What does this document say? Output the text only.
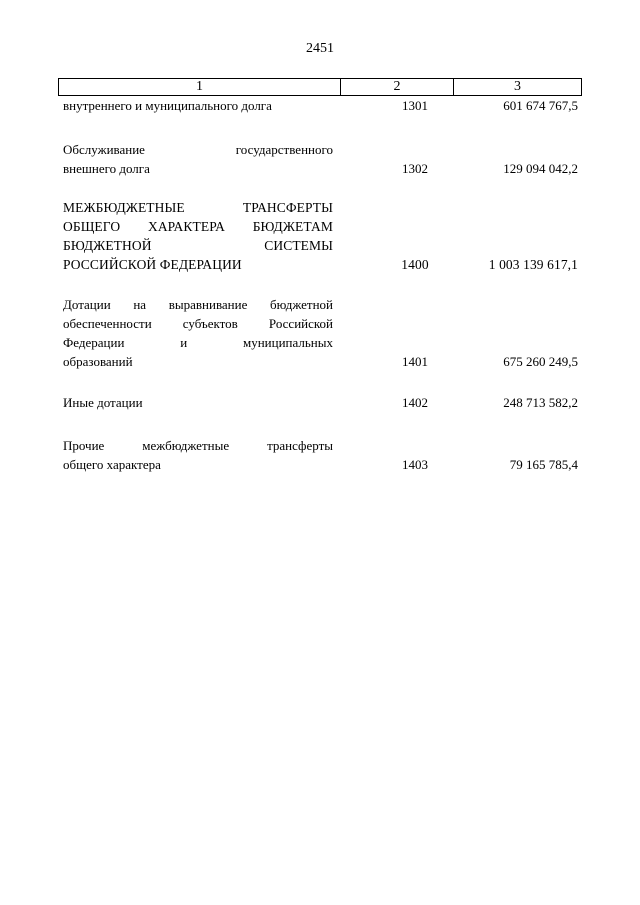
2451
1	2	3
внутреннего и муниципального долга	1301	601 674 767,5
Обслуживание государственного
внешнего долга	1302	129 094 042,2
МЕЖБЮДЖЕТНЫЕ ТРАНСФЕРТЫ
ОБЩЕГО ХАРАКТЕРА БЮДЖЕТАМ
БЮДЖЕТНОЙ СИСТЕМЫ
РОССИЙСКОЙ ФЕДЕРАЦИИ	1400	1 003 139 617,1
Дотации на выравнивание бюджетной
обеспеченности субъектов Российской
Федерации и муниципальных
образований	1401	675 260 249,5
Иные дотации	1402	248 713 582,2
Прочие межбюджетные трансферты
общего характера	1403	79 165 785,4
